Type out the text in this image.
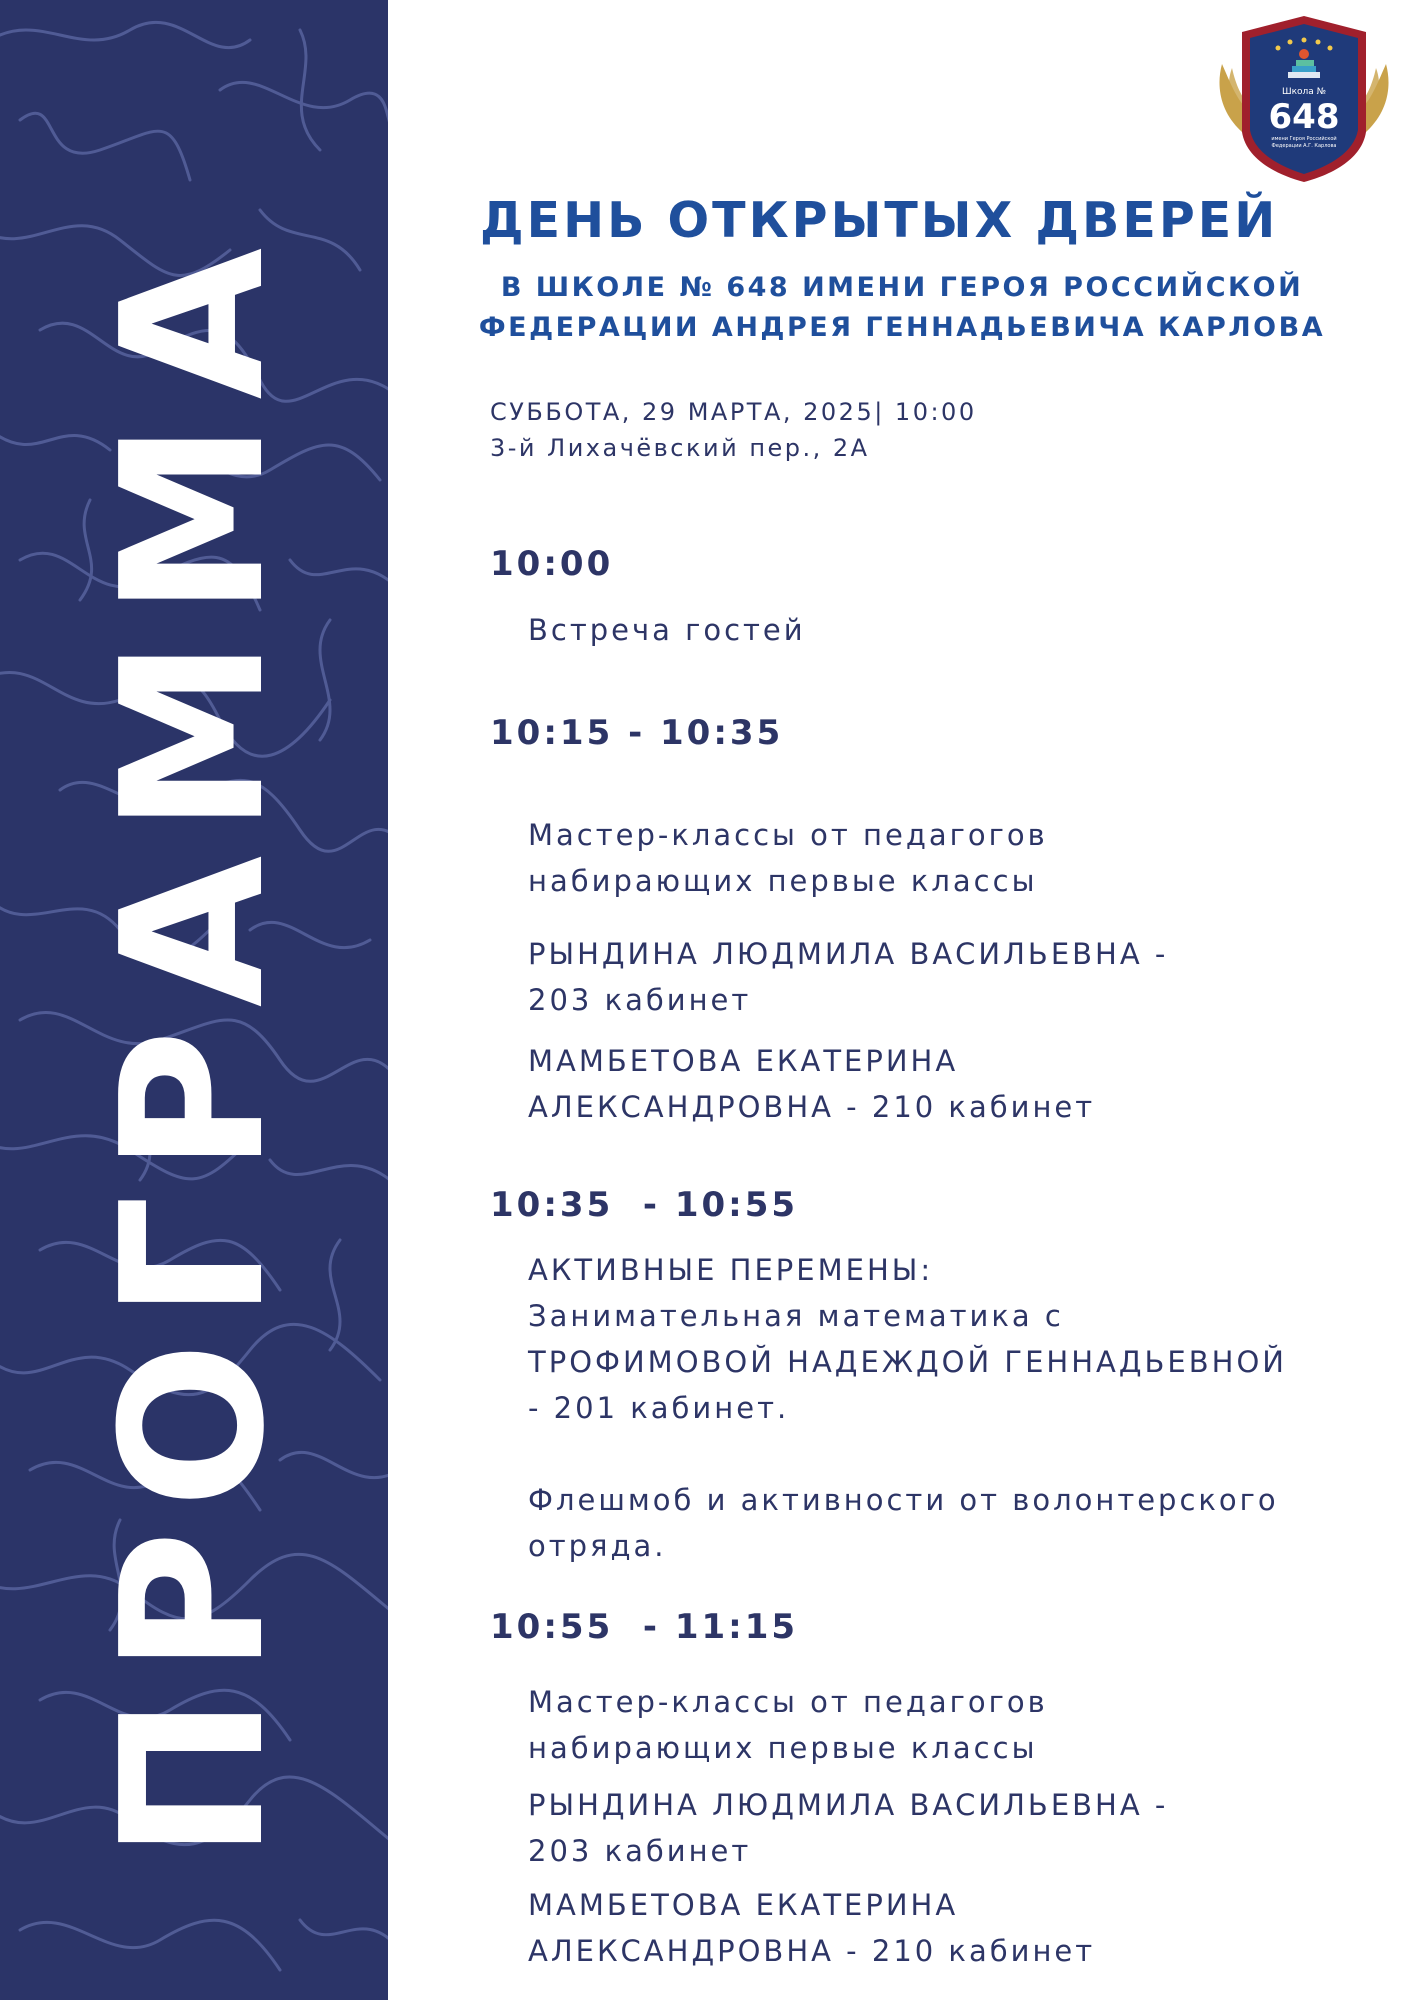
ПРОГРАММА
Школа №
648
имени Героя Российской
Федерации А.Г. Карлова
ДЕНЬ ОТКРЫТЫХ ДВЕРЕЙ
В ШКОЛЕ № 648 ИМЕНИ ГЕРОЯ РОССИЙСКОЙ
ФЕДЕРАЦИИ АНДРЕЯ ГЕННАДЬЕВИЧА КАРЛОВА
СУББОТА, 29 МАРТА, 2025| 10:00
3-й Лихачёвский пер., 2А
10:00
Встреча гостей
10:15 - 10:35
Мастер-классы от педагогов
набирающих первые классы
РЫНДИНА ЛЮДМИЛА ВАСИЛЬЕВНА -
203 кабинет
МАМБЕТОВА ЕКАТЕРИНА
АЛЕКСАНДРОВНА - 210 кабинет
10:35  - 10:55
АКТИВНЫЕ ПЕРЕМЕНЫ:
Занимательная математика с
ТРОФИМОВОЙ НАДЕЖДОЙ ГЕННАДЬЕВНОЙ
- 201 кабинет.
Флешмоб и активности от волонтерского
отряда.
10:55  - 11:15
Мастер-классы от педагогов
набирающих первые классы
РЫНДИНА ЛЮДМИЛА ВАСИЛЬЕВНА -
203 кабинет
МАМБЕТОВА ЕКАТЕРИНА
АЛЕКСАНДРОВНА - 210 кабинет
